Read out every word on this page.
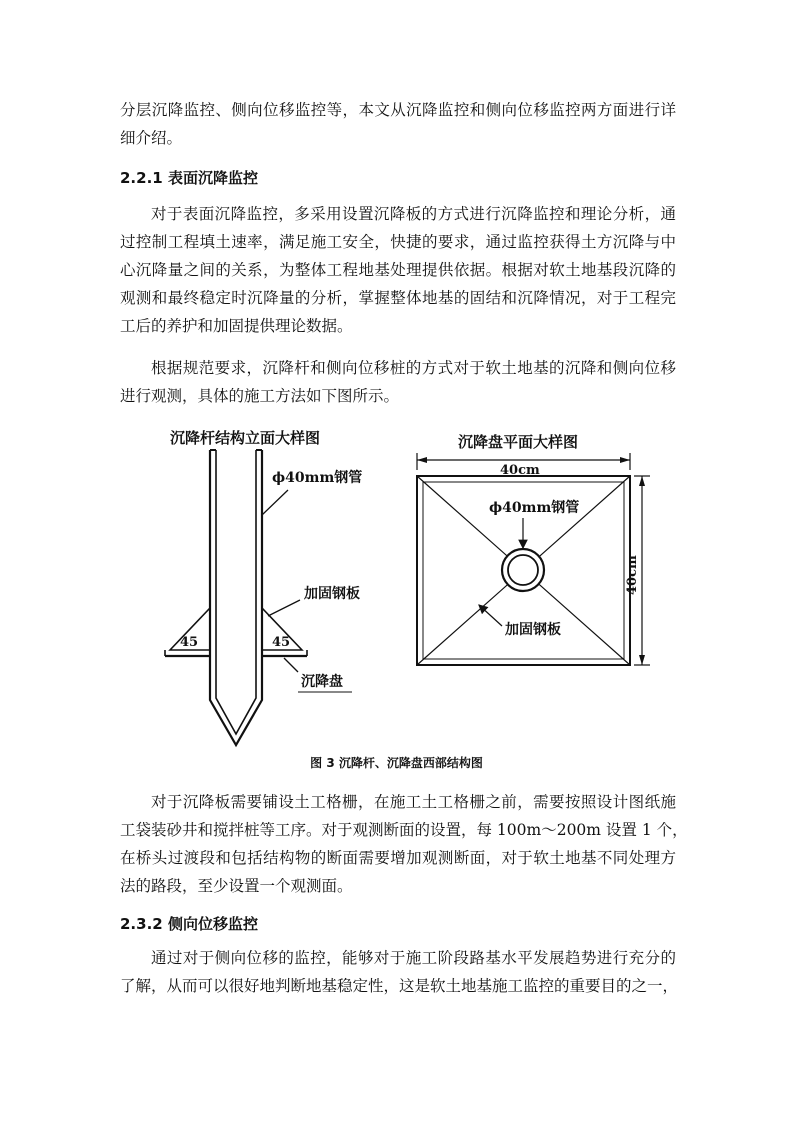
分层沉降监控、侧向位移监控等，本文从沉降监控和侧向位移监控两方面进行详
细介绍。

2.2.1 表面沉降监控

对于表面沉降监控，多采用设置沉降板的方式进行沉降监控和理论分析，通
过控制工程填土速率，满足施工安全，快捷的要求，通过监控获得土方沉降与中
心沉降量之间的关系，为整体工程地基处理提供依据。根据对软土地基段沉降的
观测和最终稳定时沉降量的分析，掌握整体地基的固结和沉降情况，对于工程完
工后的养护和加固提供理论数据。

根据规范要求，沉降杆和侧向位移桩的方式对于软土地基的沉降和侧向位移
进行观测，具体的施工方法如下图所示。

沉降杆结构立面大样图
45	45
ϕ40mm钢管
加固钢板
沉降盘
沉降盘平面大样图
40cm
ϕ40mm钢管
加固钢板
40cm
图 3 沉降杆、沉降盘西部结构图

对于沉降板需要铺设土工格栅，在施工土工格栅之前，需要按照设计图纸施
工袋装砂井和搅拌桩等工序。对于观测断面的设置，每 100m～200m 设置 1 个，
在桥头过渡段和包括结构物的断面需要增加观测断面，对于软土地基不同处理方
法的路段，至少设置一个观测面。

2.3.2 侧向位移监控

通过对于侧向位移的监控，能够对于施工阶段路基水平发展趋势进行充分的
了解，从而可以很好地判断地基稳定性，这是软土地基施工监控的重要目的之一，
